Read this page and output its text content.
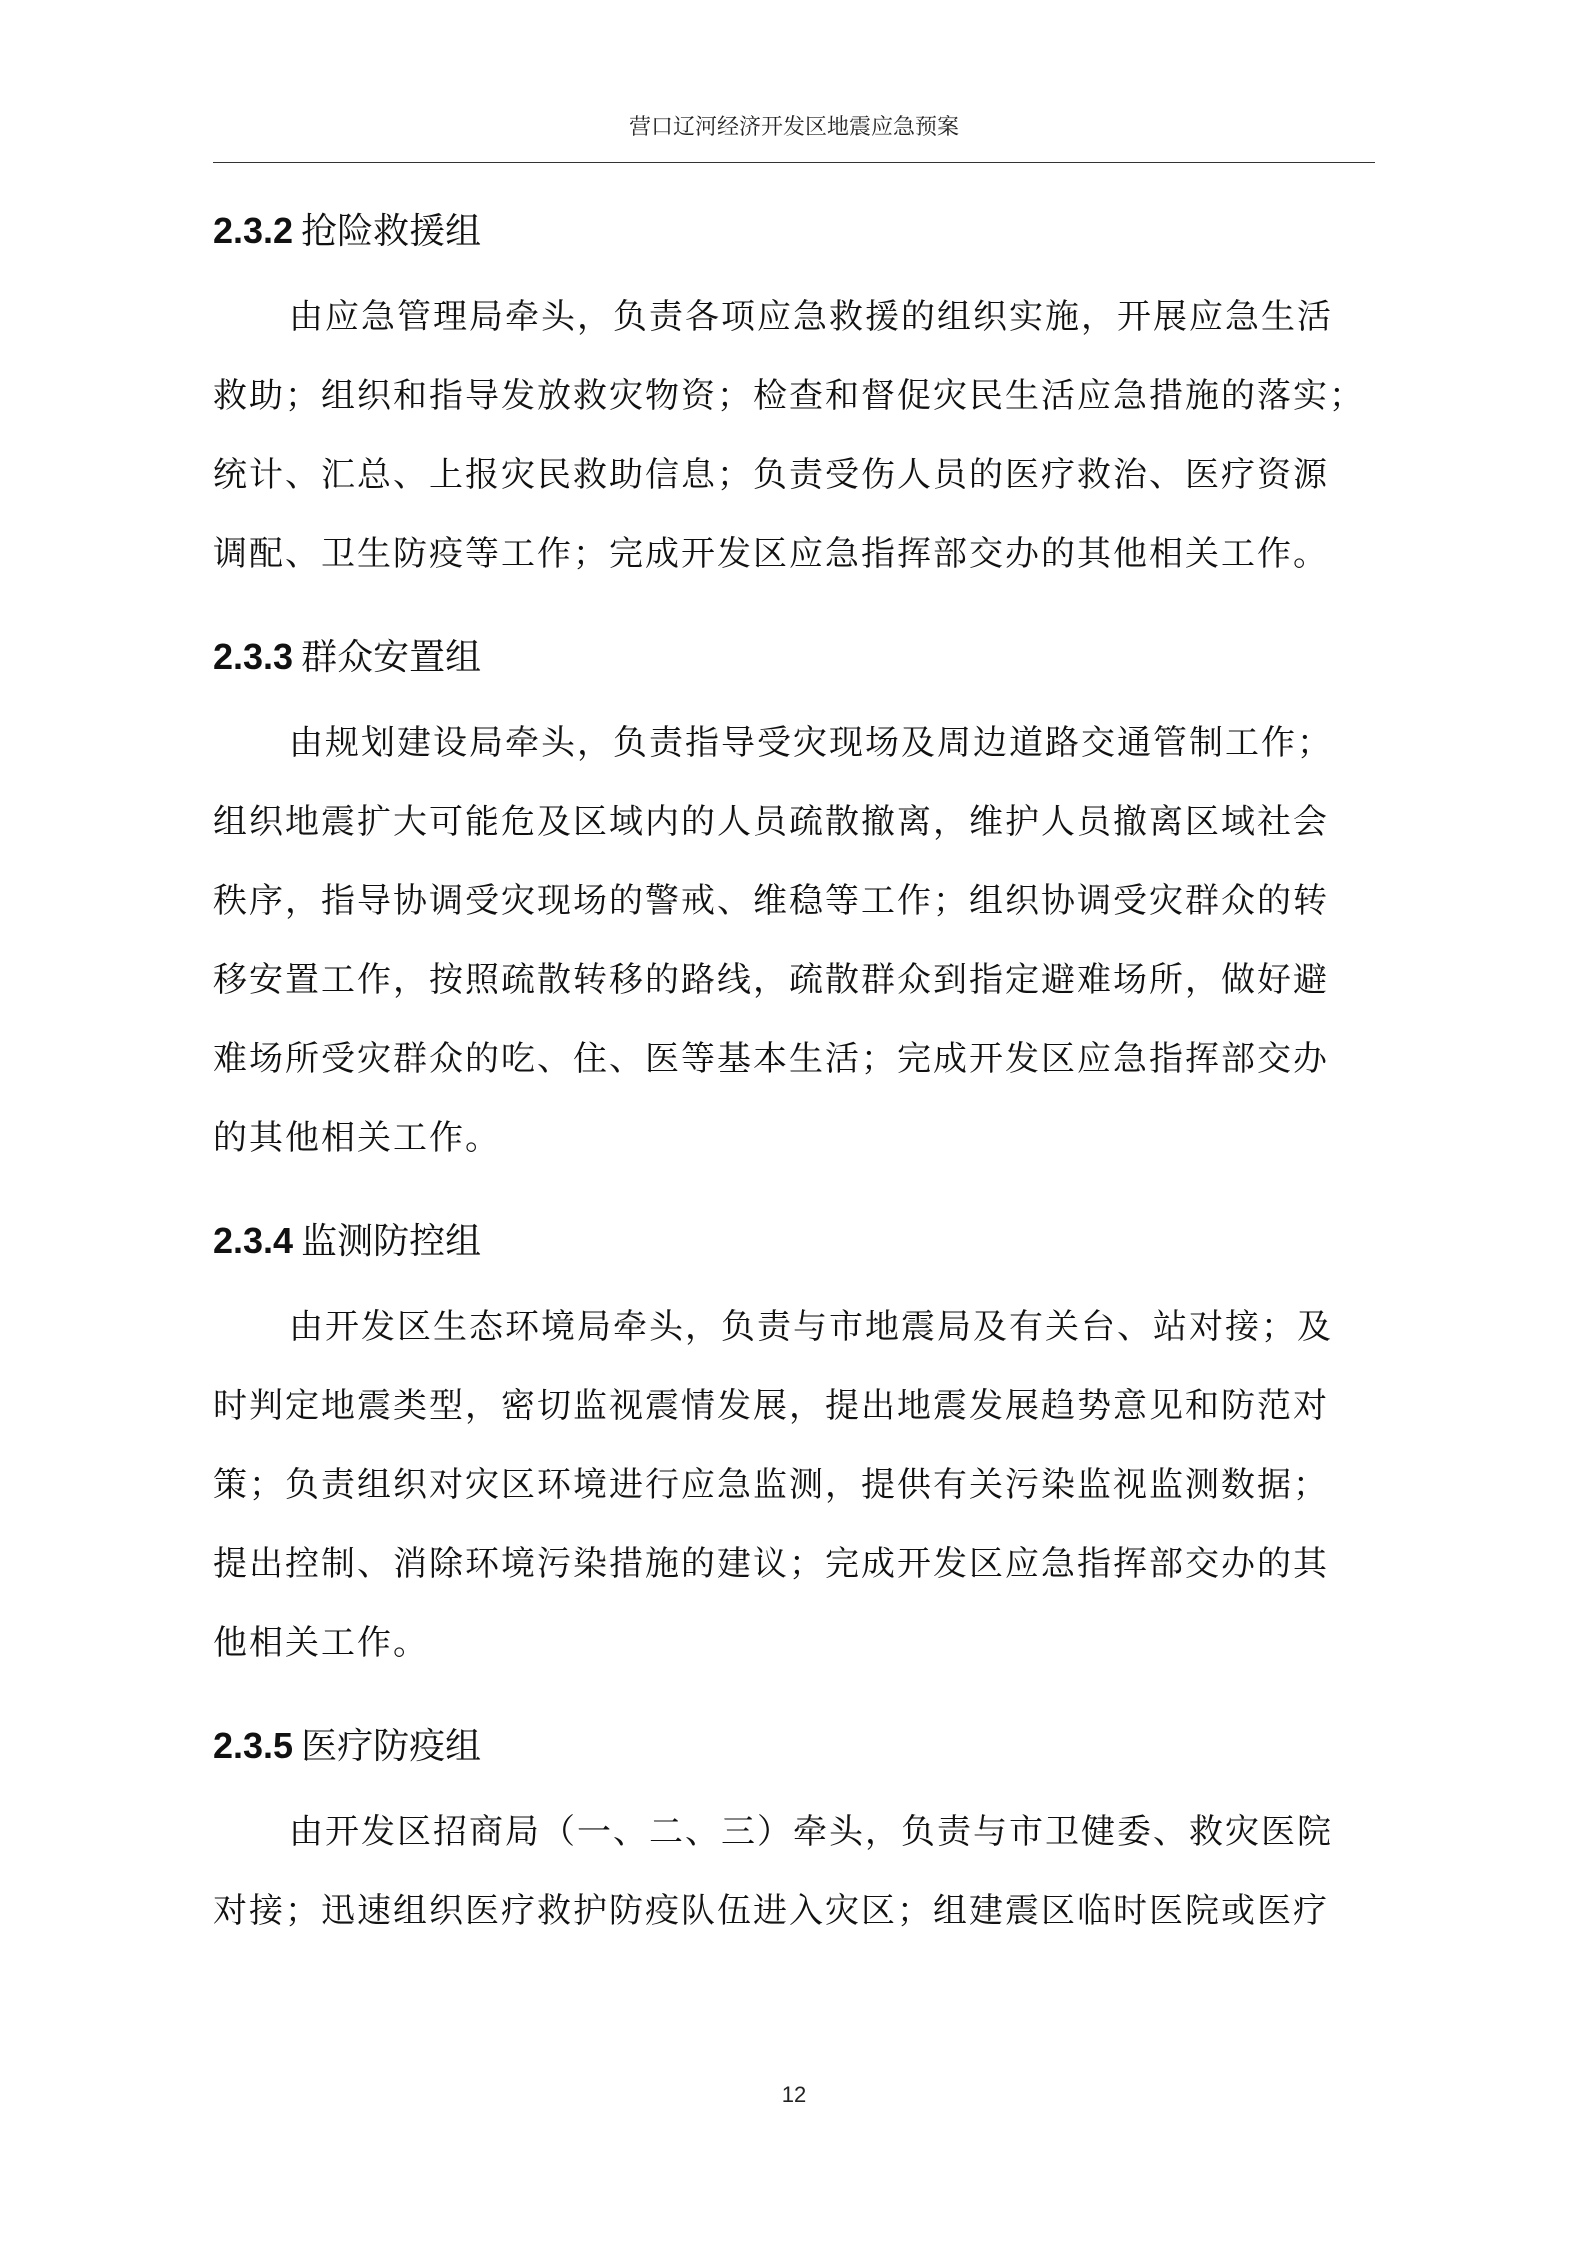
营口辽河经济开发区地震应急预案
2.3.2 抢险救援组

由应急管理局牵头，负责各项应急救援的组织实施，开展应急生活
救助；组织和指导发放救灾物资；检查和督促灾民生活应急措施的落实；
统计、汇总、上报灾民救助信息；负责受伤人员的医疗救治、医疗资源
调配、卫生防疫等工作；完成开发区应急指挥部交办的其他相关工作。

2.3.3 群众安置组

由规划建设局牵头，负责指导受灾现场及周边道路交通管制工作；
组织地震扩大可能危及区域内的人员疏散撤离，维护人员撤离区域社会
秩序，指导协调受灾现场的警戒、维稳等工作；组织协调受灾群众的转
移安置工作，按照疏散转移的路线，疏散群众到指定避难场所，做好避
难场所受灾群众的吃、住、医等基本生活；完成开发区应急指挥部交办
的其他相关工作。

2.3.4 监测防控组

由开发区生态环境局牵头，负责与市地震局及有关台、站对接；及
时判定地震类型，密切监视震情发展，提出地震发展趋势意见和防范对
策；负责组织对灾区环境进行应急监测，提供有关污染监视监测数据；
提出控制、消除环境污染措施的建议；完成开发区应急指挥部交办的其
他相关工作。

2.3.5 医疗防疫组

由开发区招商局（一、二、三）牵头，负责与市卫健委、救灾医院
对接；迅速组织医疗救护防疫队伍进入灾区；组建震区临时医院或医疗

12
